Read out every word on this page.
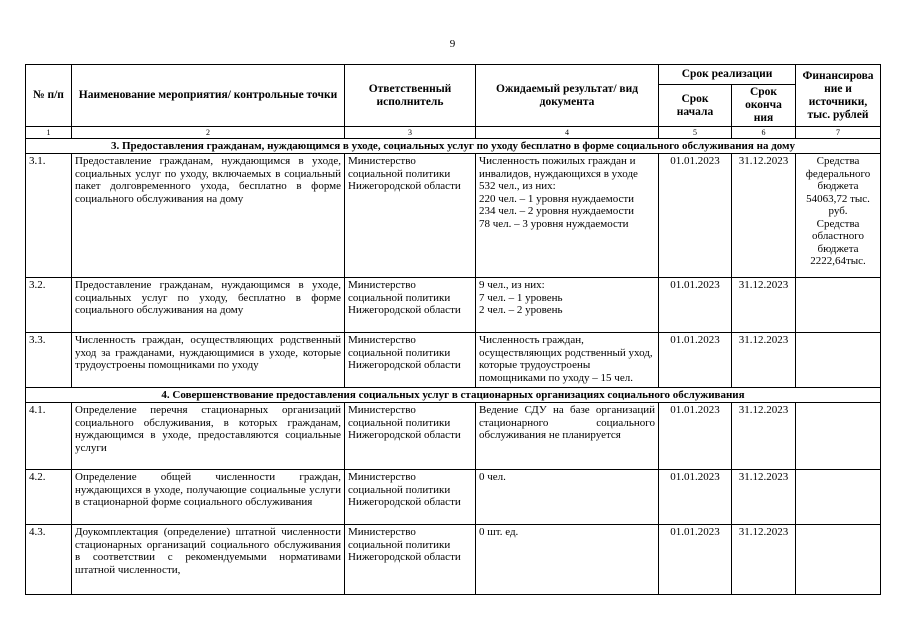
9
№ п/п	Наименование мероприятия/ контрольные точки	Ответственный исполнитель	Ожидаемый результат/ вид документа	Срок реализации		Финансирова ние и источники, тыс. рублей
				Срок начала	Срок оконча ния	
1	2	3	4	5	6	7
3. Предоставления гражданам, нуждающимся в уходе, социальных услуг по уходу бесплатно в форме социального обслуживания на дому						
3.1.	Предоставление гражданам, нуждающимся в уходе, социальных услуг по уходу, включаемых в социальный пакет долговременного ухода, бесплатно в форме социального обслуживания на дому	Министерство социальной политики Нижегородской области	Численность пожилых граждан и инвалидов, нуждающихся в уходе 532 чел., из них:
220 чел. – 1 уровня нуждаемости
234 чел. – 2 уровня нуждаемости
78 чел. – 3 уровня нуждаемости	01.01.2023	31.12.2023	Средства федерального бюджета 54063,72 тыс. руб.
Средства областного бюджета 2222,64тыс.

3.2.	Предоставление гражданам, нуждающимся в уходе, социальных услуг по уходу, бесплатно в форме социального обслуживания на дому	Министерство социальной политики Нижегородской области	9 чел., из них:
7 чел. – 1 уровень
2 чел. – 2 уровень	01.01.2023	31.12.2023	
3.3.	Численность граждан, осуществляющих родственный уход за гражданами, нуждающимися в уходе, которые трудоустроены помощниками по уходу	Министерство социальной политики Нижегородской области	Численность граждан, осуществляющих родственный уход, которые трудоустроены помощниками по уходу – 15 чел.	01.01.2023	31.12.2023	
4. Совершенствование предоставления социальных услуг в стационарных организациях социального обслуживания						
4.1.	Определение перечня стационарных организаций социального обслуживания, в которых гражданам, нуждающимся в уходе, предоставляются социальные услуги	Министерство социальной политики Нижегородской области	Ведение СДУ на базе организаций стационарного социального обслуживания не планируется	01.01.2023	31.12.2023	
4.2.	Определение общей численности граждан, нуждающихся в уходе, получающие социальные услуги в стационарной форме социального обслуживания	Министерство социальной политики Нижегородской области	0 чел.	01.01.2023	31.12.2023	
4.3.	Доукомплектация (определение) штатной численности стационарных организаций социального обслуживания в соответствии с рекомендуемыми нормативами штатной численности,	Министерство социальной политики Нижегородской области	0 шт. ед.	01.01.2023	31.12.2023	
